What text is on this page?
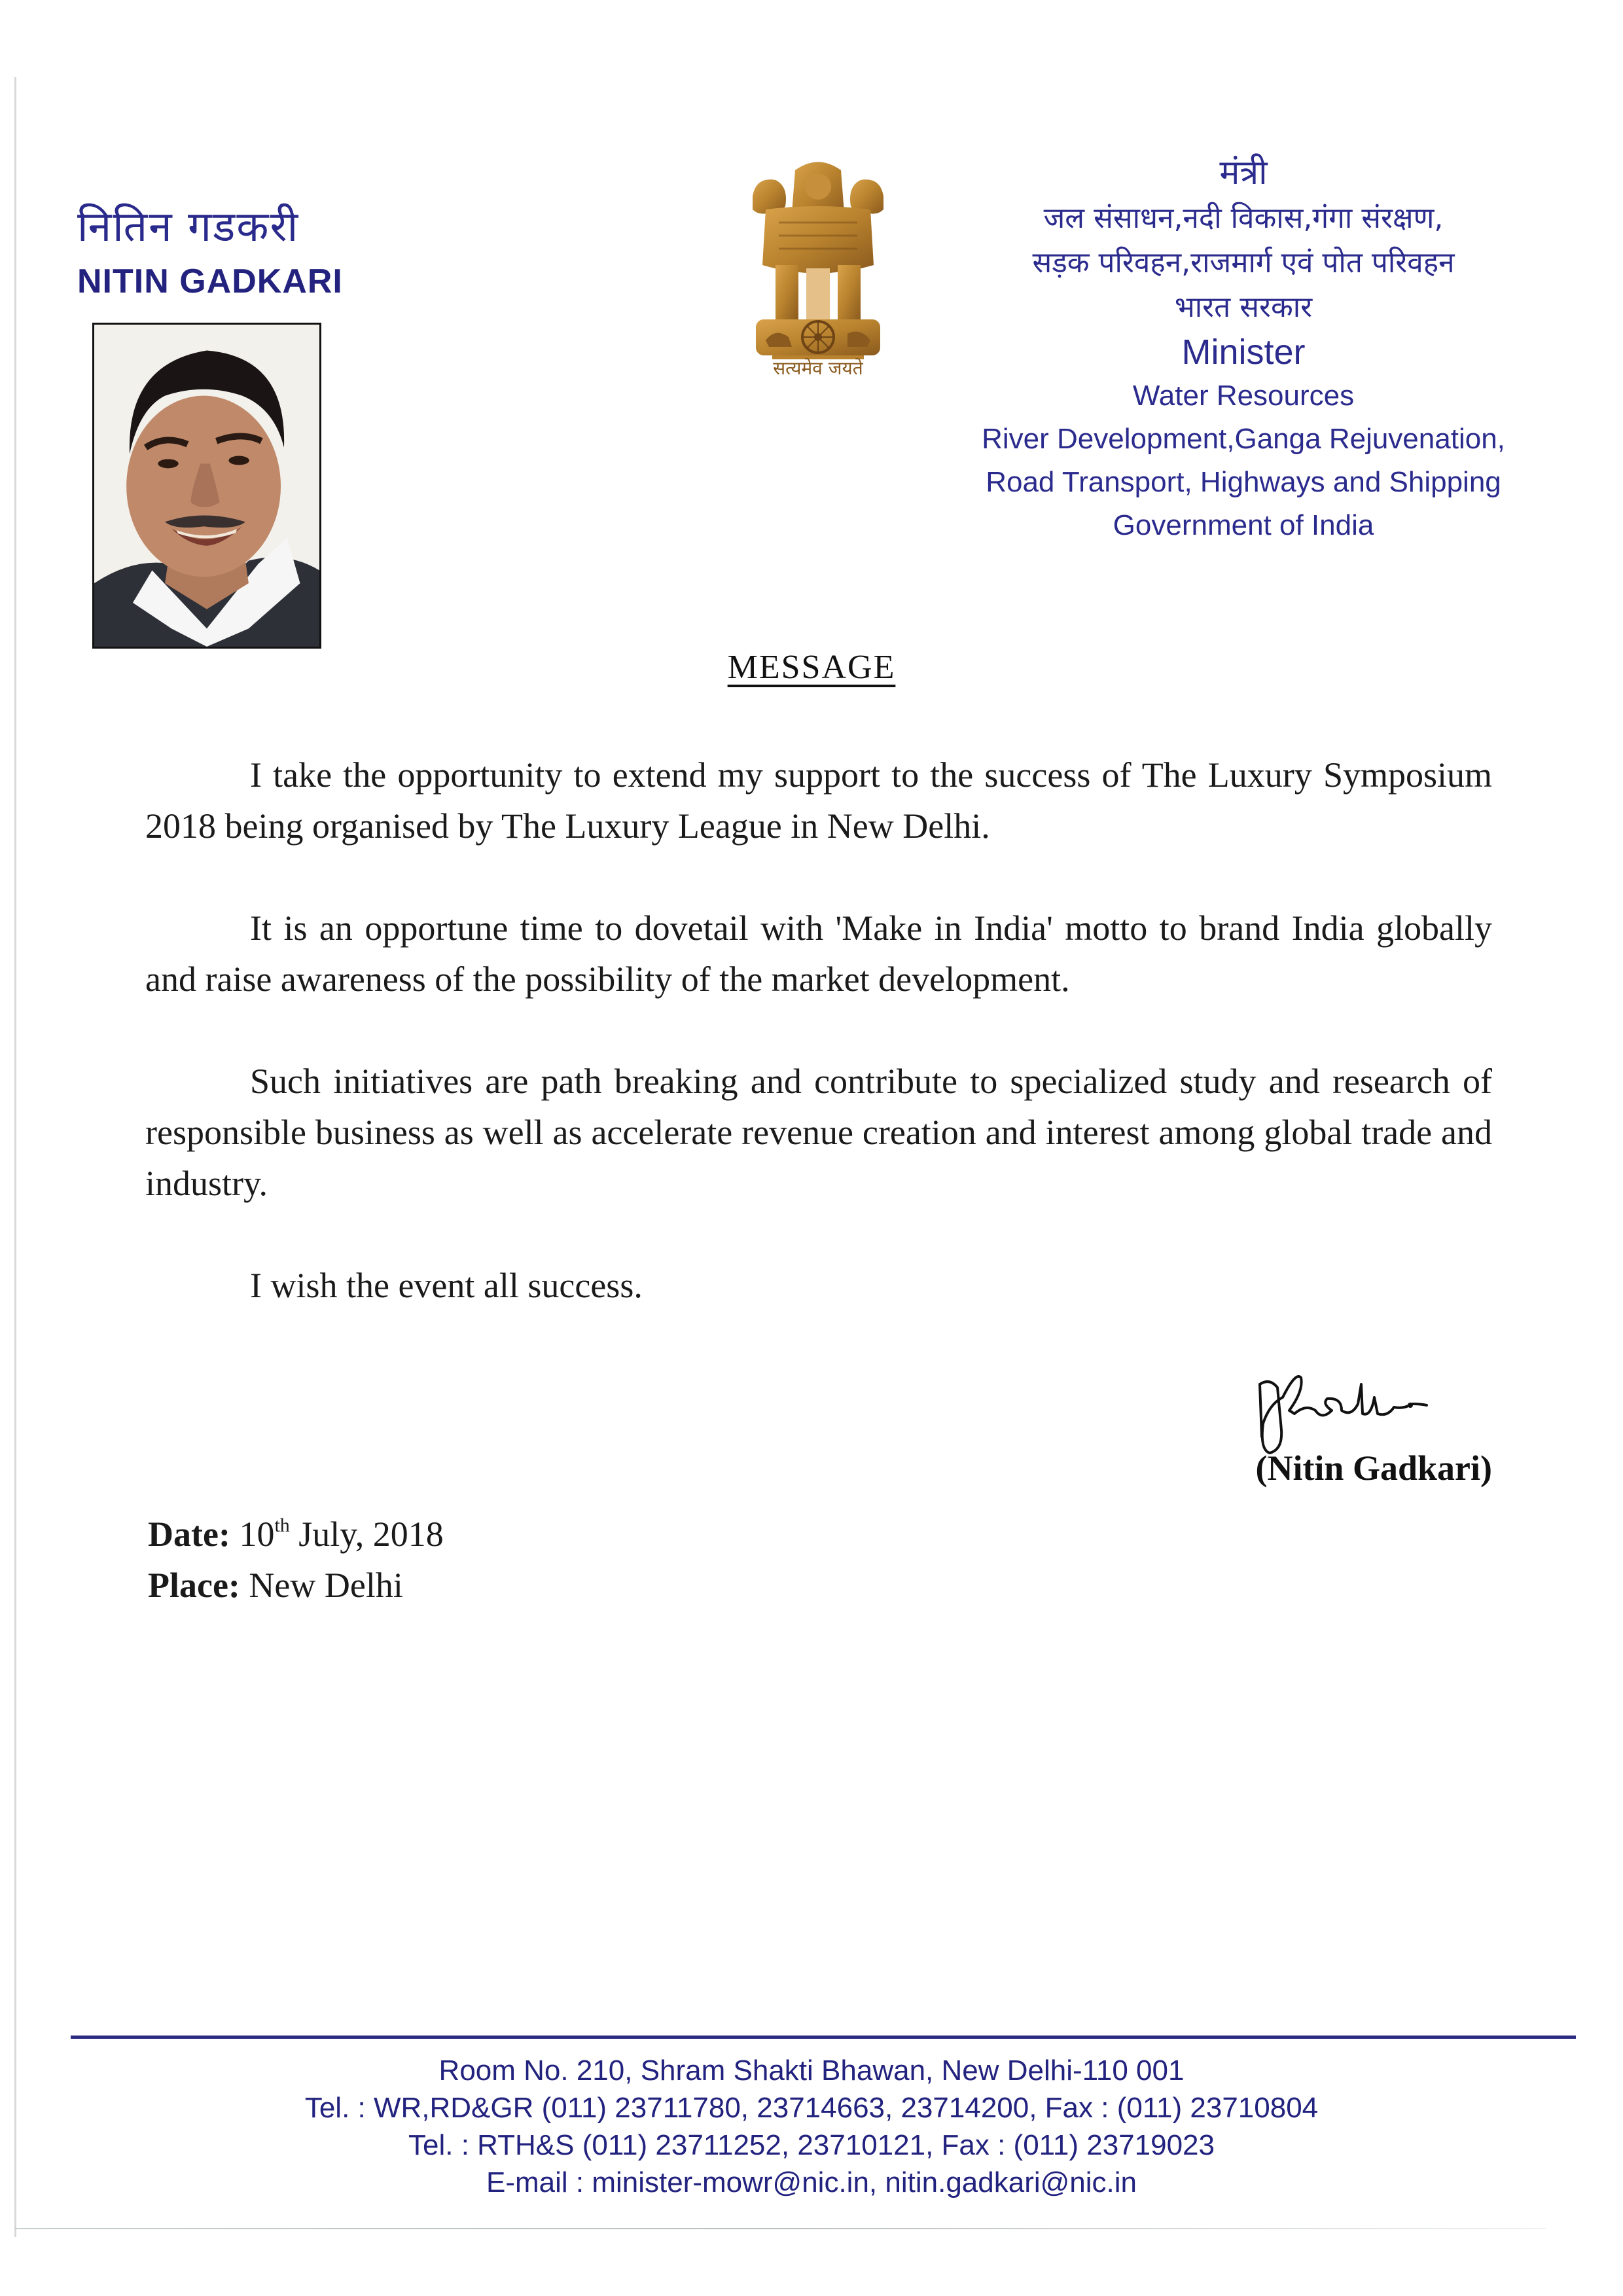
नितिन गडकरी
NITIN GADKARI
सत्यमेव जयते
मंत्री
जल संसाधन,नदी विकास,गंगा संरक्षण,
सड़क परिवहन,राजमार्ग एवं पोत परिवहन
भारत सरकार
Minister
Water Resources
River Development,Ganga Rejuvenation,
Road Transport, Highways and Shipping
Government of India
MESSAGE

I take the opportunity to extend my support to the success of The Luxury Symposium 2018 being organised by The Luxury League in New Delhi.

It is an opportune time to dovetail with 'Make in India' motto to brand India globally and raise awareness of the possibility of the market development.

Such initiatives are path breaking and contribute to specialized study and research of responsible business as well as accelerate revenue creation and interest among global trade and industry.

I wish the event all success.

(Nitin Gadkari)
Date: 10th July, 2018
Place: New Delhi
Room No. 210, Shram Shakti Bhawan, New Delhi-110 001
Tel. : WR,RD&GR (011) 23711780, 23714663, 23714200, Fax : (011) 23710804
Tel. : RTH&S (011) 23711252, 23710121, Fax : (011) 23719023
E-mail : minister-mowr@nic.in, nitin.gadkari@nic.in
